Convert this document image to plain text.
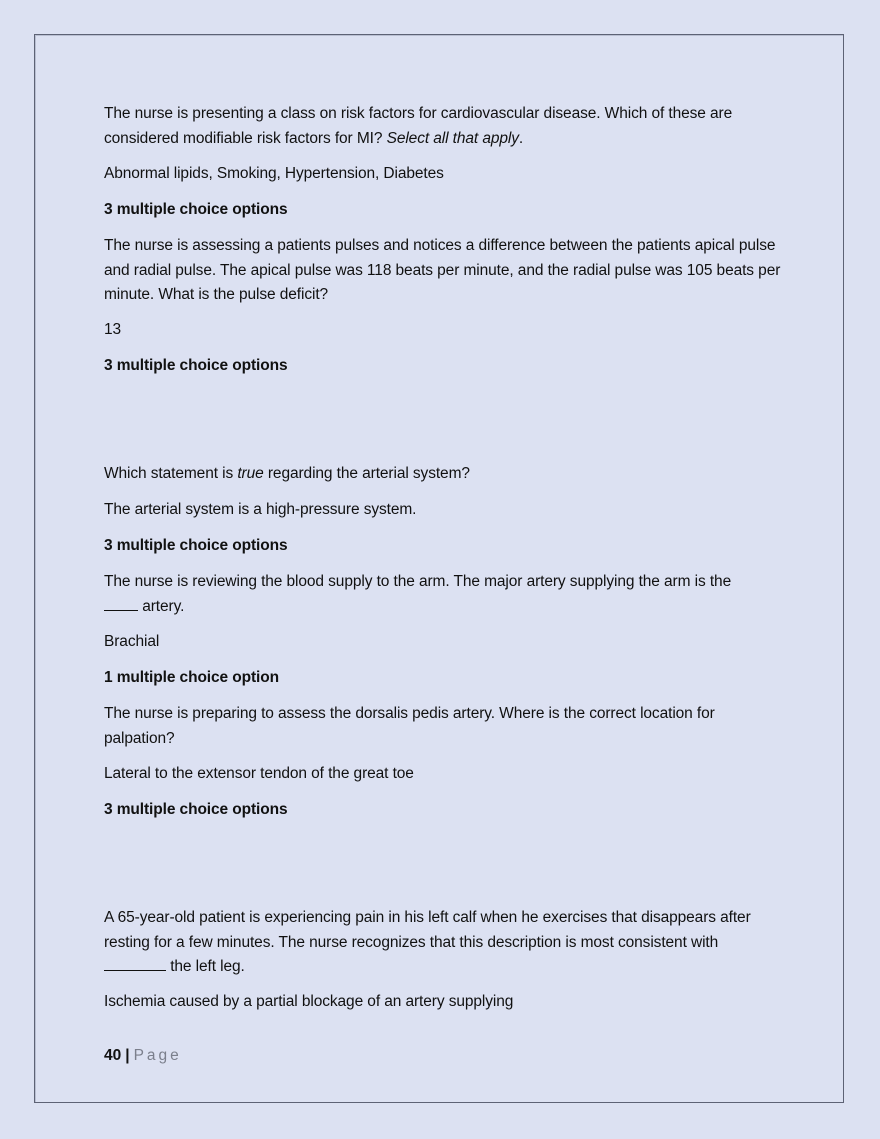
The nurse is presenting a class on risk factors for cardiovascular disease. Which of these are considered modifiable risk factors for MI? Select all that apply.
Abnormal lipids, Smoking, Hypertension, Diabetes
3 multiple choice options
The nurse is assessing a patients pulses and notices a difference between the patients apical pulse and radial pulse. The apical pulse was 118 beats per minute, and the radial pulse was 105 beats per minute. What is the pulse deficit?
13
3 multiple choice options
Which statement is true regarding the arterial system?
The arterial system is a high-pressure system.
3 multiple choice options
The nurse is reviewing the blood supply to the arm. The major artery supplying the arm is the
artery.
Brachial
1 multiple choice option
The nurse is preparing to assess the dorsalis pedis artery. Where is the correct location for palpation?
Lateral to the extensor tendon of the great toe
3 multiple choice options
A 65-year-old patient is experiencing pain in his left calf when he exercises that disappears after
resting for a few minutes. The nurse recognizes that this description is most consistent with
the left leg.
Ischemia caused by a partial blockage of an artery supplying
40 | Page
